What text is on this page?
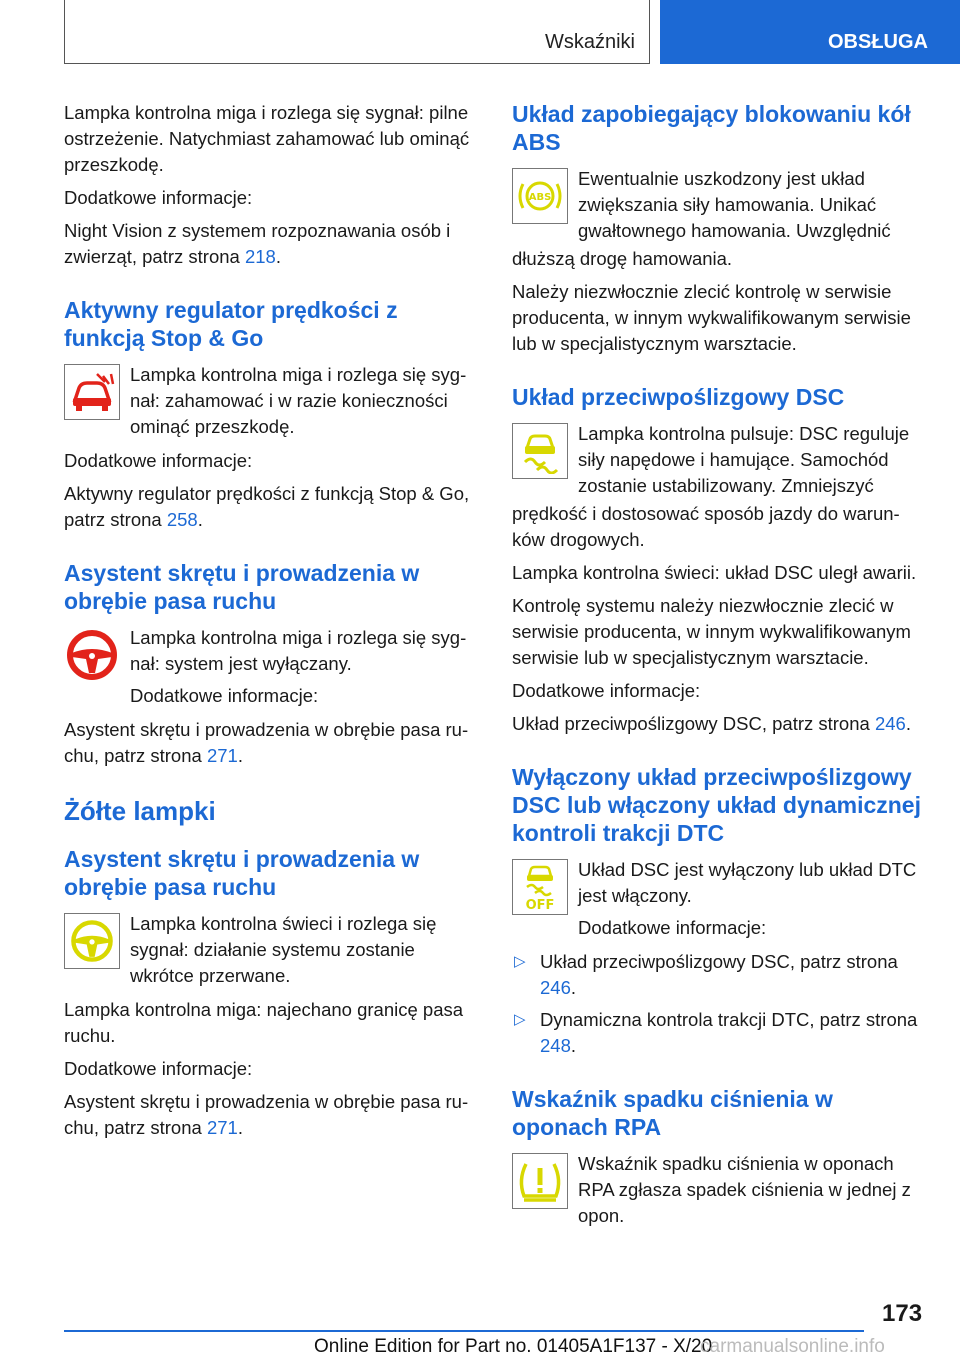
Wskaźniki	OBSŁUGA

Lampka kontrolna miga i rozlega się sygnał: pilne ostrzeżenie. Natychmiast zahamować lub ominąć przeszkodę.

Dodatkowe informacje:

Night Vision z systemem rozpoznawania osób i zwierząt, patrz strona 218.

Aktywny regulator prędkości z funkcją Stop & Go

Lampka kontrolna miga i rozlega się syg-nał: zahamować i w razie konieczności ominąć przeszkodę.

Dodatkowe informacje:

Aktywny regulator prędkości z funkcją Stop & Go, patrz strona 258.

Asystent skrętu i prowadzenia w obrębie pasa ruchu

Lampka kontrolna miga i rozlega się syg-nał: system jest wyłączany.

Dodatkowe informacje:

Asystent skrętu i prowadzenia w obrębie pasa ru-chu, patrz strona 271.

Żółte lampki
Asystent skrętu i prowadzenia w obrębie pasa ruchu

Lampka kontrolna świeci i rozlega się sygnał: działanie systemu zostanie wkrótce przerwane.

Lampka kontrolna miga: najechano granicę pasa ruchu.

Dodatkowe informacje:

Asystent skrętu i prowadzenia w obrębie pasa ru-chu, patrz strona 271.

Układ zapobiegający blokowaniu kół ABS
ABS

Ewentualnie uszkodzony jest układ zwiększania siły hamowania. Unikać gwałtownego hamowania. Uwzględnić

dłuższą drogę hamowania.

Należy niezwłocznie zlecić kontrolę w serwisie producenta, w innym wykwalifikowanym serwisie lub w specjalistycznym warsztacie.

Układ przeciwpoślizgowy DSC

Lampka kontrolna pulsuje: DSC reguluje siły napędowe i hamujące. Samochód zostanie ustabilizowany. Zmniejszyć

prędkość i dostosować sposób jazdy do warun-ków drogowych.

Lampka kontrolna świeci: układ DSC uległ awarii.

Kontrolę systemu należy niezwłocznie zlecić w serwisie producenta, w innym wykwalifikowanym serwisie lub w specjalistycznym warsztacie.

Dodatkowe informacje:

Układ przeciwpoślizgowy DSC, patrz strona 246.

Wyłączony układ przeciwpoślizgowy DSC lub włączony układ dynamicznej kontroli trakcji DTC
OFF

Układ DSC jest wyłączony lub układ DTC jest włączony.

Dodatkowe informacje:

▷ Układ przeciwpoślizgowy DSC, patrz strona 246.
▷ Dynamiczna kontrola trakcji DTC, patrz strona 248.
Wskaźnik spadku ciśnienia w oponach RPA

Wskaźnik spadku ciśnienia w oponach RPA zgłasza spadek ciśnienia w jednej z opon.

173
Online Edition for Part no. 01405A1F137 - X/20
carmanualsonline.info
